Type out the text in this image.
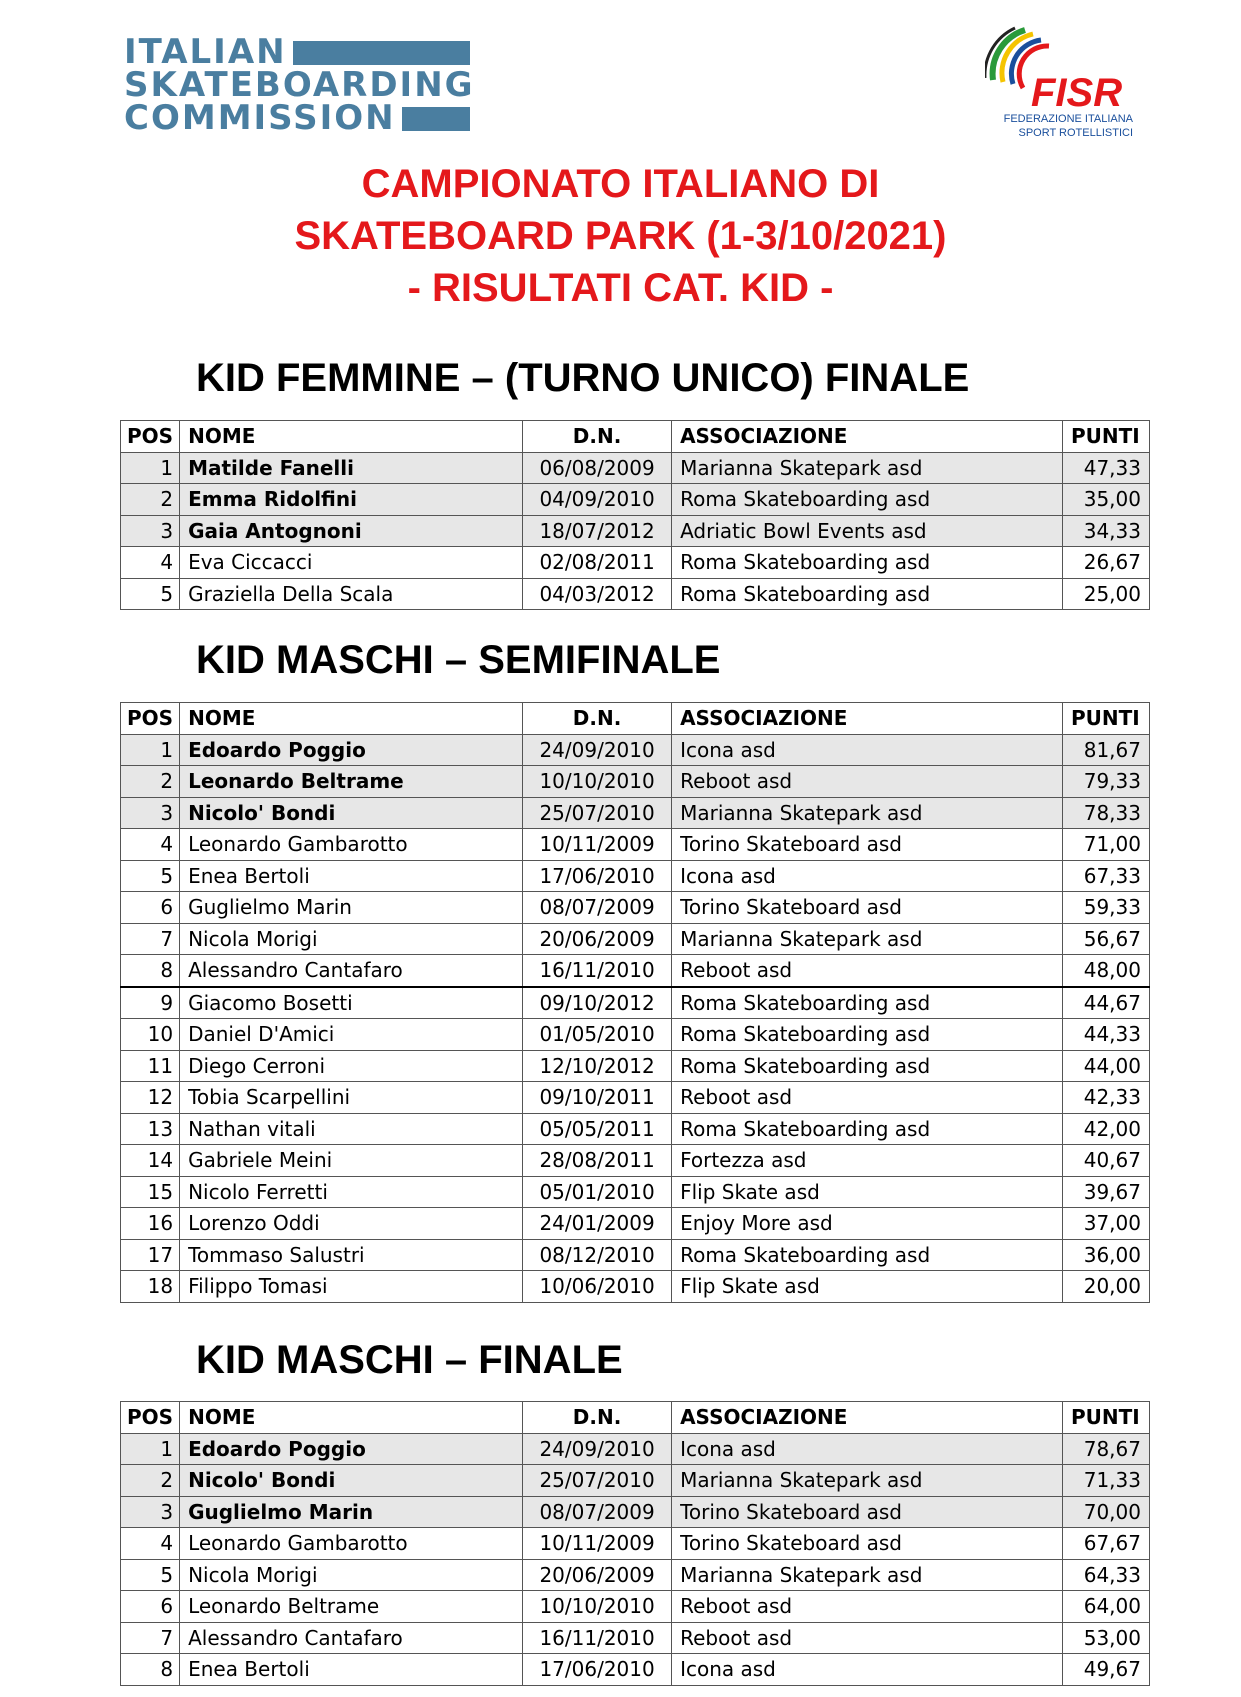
ITALIAN
SKATEBOARDING
COMMISSION
FISR
FEDERAZIONE ITALIANA
SPORT ROTELLISTICI
CAMPIONATO ITALIANO DI
SKATEBOARD PARK (1-3/10/2021)
- RISULTATI CAT. KID -
KID FEMMINE – (TURNO UNICO) FINALE
KID MASCHI – SEMIFINALE
KID MASCHI – FINALE
POS	NOME	D.N.	ASSOCIAZIONE	PUNTI
1	Matilde Fanelli	06/08/2009	Marianna Skatepark asd	47,33
2	Emma Ridolfini	04/09/2010	Roma Skateboarding asd	35,00
3	Gaia Antognoni	18/07/2012	Adriatic Bowl Events asd	34,33
4	Eva Ciccacci	02/08/2011	Roma Skateboarding asd	26,67
5	Graziella Della Scala	04/03/2012	Roma Skateboarding asd	25,00
POS	NOME	D.N.	ASSOCIAZIONE	PUNTI
1	Edoardo Poggio	24/09/2010	Icona asd	81,67
2	Leonardo Beltrame	10/10/2010	Reboot asd	79,33
3	Nicolo' Bondi	25/07/2010	Marianna Skatepark asd	78,33
4	Leonardo Gambarotto	10/11/2009	Torino Skateboard asd	71,00
5	Enea Bertoli	17/06/2010	Icona asd	67,33
6	Guglielmo Marin	08/07/2009	Torino Skateboard asd	59,33
7	Nicola Morigi	20/06/2009	Marianna Skatepark asd	56,67
8	Alessandro Cantafaro	16/11/2010	Reboot asd	48,00
9	Giacomo Bosetti	09/10/2012	Roma Skateboarding asd	44,67
10	Daniel D'Amici	01/05/2010	Roma Skateboarding asd	44,33
11	Diego Cerroni	12/10/2012	Roma Skateboarding asd	44,00
12	Tobia Scarpellini	09/10/2011	Reboot asd	42,33
13	Nathan vitali	05/05/2011	Roma Skateboarding asd	42,00
14	Gabriele Meini	28/08/2011	Fortezza asd	40,67
15	Nicolo Ferretti	05/01/2010	Flip Skate asd	39,67
16	Lorenzo Oddi	24/01/2009	Enjoy More asd	37,00
17	Tommaso Salustri	08/12/2010	Roma Skateboarding asd	36,00
18	Filippo Tomasi	10/06/2010	Flip Skate asd	20,00
POS	NOME	D.N.	ASSOCIAZIONE	PUNTI
1	Edoardo Poggio	24/09/2010	Icona asd	78,67
2	Nicolo' Bondi	25/07/2010	Marianna Skatepark asd	71,33
3	Guglielmo Marin	08/07/2009	Torino Skateboard asd	70,00
4	Leonardo Gambarotto	10/11/2009	Torino Skateboard asd	67,67
5	Nicola Morigi	20/06/2009	Marianna Skatepark asd	64,33
6	Leonardo Beltrame	10/10/2010	Reboot asd	64,00
7	Alessandro Cantafaro	16/11/2010	Reboot asd	53,00
8	Enea Bertoli	17/06/2010	Icona asd	49,67
